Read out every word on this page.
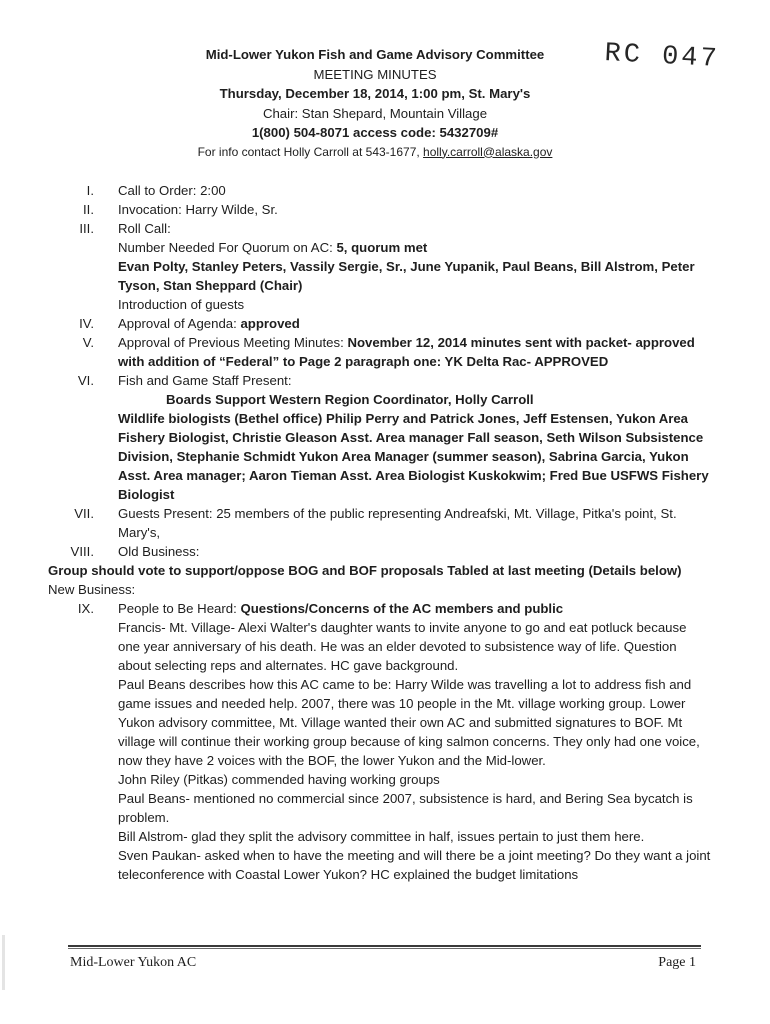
RC 047
Mid-Lower Yukon Fish and Game Advisory Committee
MEETING MINUTES
Thursday, December 18, 2014, 1:00 pm, St. Mary's
Chair: Stan Shepard, Mountain Village
1(800) 504-8071 access code: 5432709#
For info contact Holly Carroll at 543-1677, holly.carroll@alaska.gov
I. Call to Order: 2:00
II. Invocation: Harry Wilde, Sr.
III. Roll Call:
Number Needed For Quorum on AC: 5, quorum met
Evan Polty, Stanley Peters, Vassily Sergie, Sr., June Yupanik, Paul Beans, Bill Alstrom, Peter Tyson, Stan Sheppard (Chair)
Introduction of guests
IV. Approval of Agenda: approved
V. Approval of Previous Meeting Minutes: November 12, 2014 minutes sent with packet- approved with addition of “Federal” to Page 2 paragraph one: YK Delta Rac- APPROVED
VI. Fish and Game Staff Present:
Boards Support Western Region Coordinator, Holly Carroll
Wildlife biologists (Bethel office) Philip Perry and Patrick Jones, Jeff Estensen, Yukon Area Fishery Biologist, Christie Gleason Asst. Area manager Fall season, Seth Wilson Subsistence Division, Stephanie Schmidt Yukon Area Manager (summer season), Sabrina Garcia, Yukon Asst. Area manager; Aaron Tieman Asst. Area Biologist Kuskokwim; Fred Bue USFWS Fishery Biologist
VII. Guests Present: 25 members of the public representing Andreafski, Mt. Village, Pitka's point, St. Mary's,
VIII. Old Business:
Group should vote to support/oppose BOG and BOF proposals Tabled at last meeting (Details below)
New Business:
IX. People to Be Heard: Questions/Concerns of the AC members and public
Francis- Mt. Village- Alexi Walter's daughter wants to invite anyone to go and eat potluck because one year anniversary of his death. He was an elder devoted to subsistence way of life. Question about selecting reps and alternates. HC gave background.
Paul Beans describes how this AC came to be: Harry Wilde was travelling a lot to address fish and game issues and needed help. 2007, there was 10 people in the Mt. village working group. Lower Yukon advisory committee, Mt. Village wanted their own AC and submitted signatures to BOF. Mt village will continue their working group because of king salmon concerns. They only had one voice, now they have 2 voices with the BOF, the lower Yukon and the Mid-lower.
John Riley (Pitkas) commended having working groups
Paul Beans- mentioned no commercial since 2007, subsistence is hard, and Bering Sea bycatch is problem.
Bill Alstrom- glad they split the advisory committee in half, issues pertain to just them here.
Sven Paukan- asked when to have the meeting and will there be a joint meeting? Do they want a joint teleconference with Coastal Lower Yukon? HC explained the budget limitations
Mid-Lower Yukon AC	Page 1
